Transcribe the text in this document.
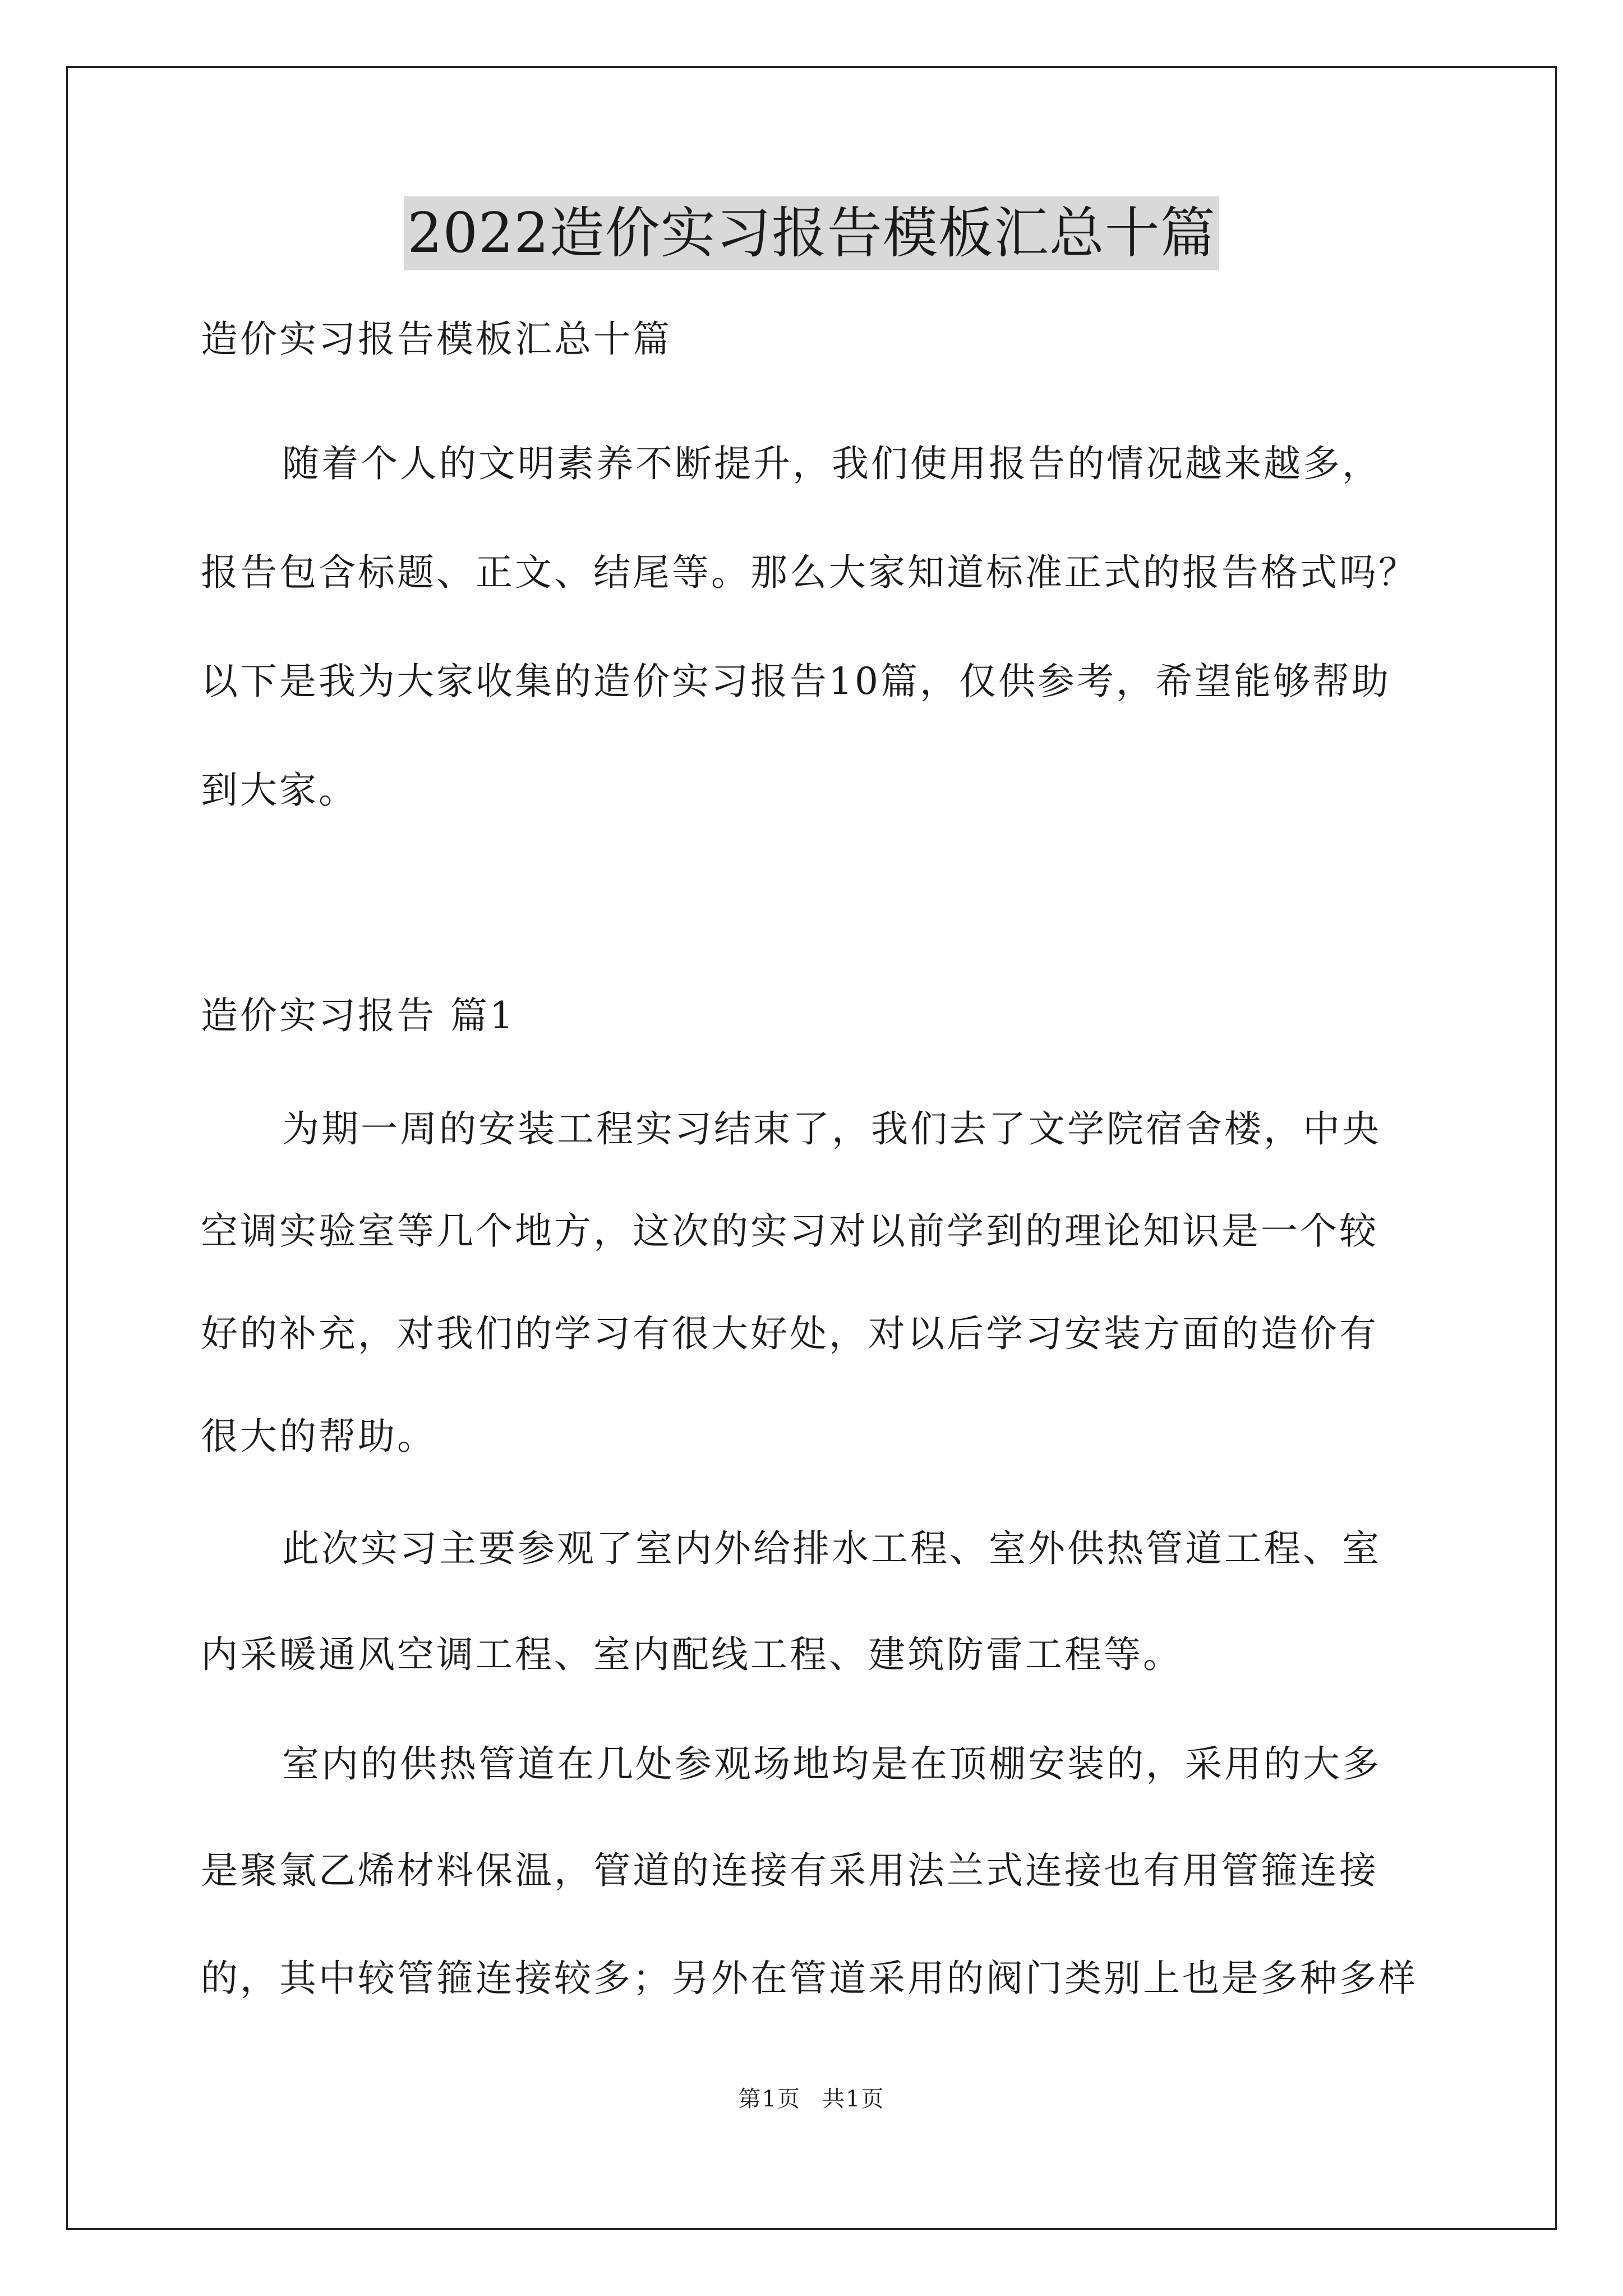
2022造价实习报告模板汇总十篇
造价实习报告模板汇总十篇
随着个人的文明素养不断提升，我们使用报告的情况越来越多，
报告包含标题、正文、结尾等。那么大家知道标准正式的报告格式吗？
以下是我为大家收集的造价实习报告10篇，仅供参考，希望能够帮助
到大家。
造价实习报告 篇1
为期一周的安装工程实习结束了，我们去了文学院宿舍楼，中央
空调实验室等几个地方，这次的实习对以前学到的理论知识是一个较
好的补充，对我们的学习有很大好处，对以后学习安装方面的造价有
很大的帮助。
此次实习主要参观了室内外给排水工程、室外供热管道工程、室
内采暖通风空调工程、室内配线工程、建筑防雷工程等。
室内的供热管道在几处参观场地均是在顶棚安装的，采用的大多
是聚氯乙烯材料保温，管道的连接有采用法兰式连接也有用管箍连接
的，其中较管箍连接较多；另外在管道采用的阀门类别上也是多种多样
第1页 共1页
